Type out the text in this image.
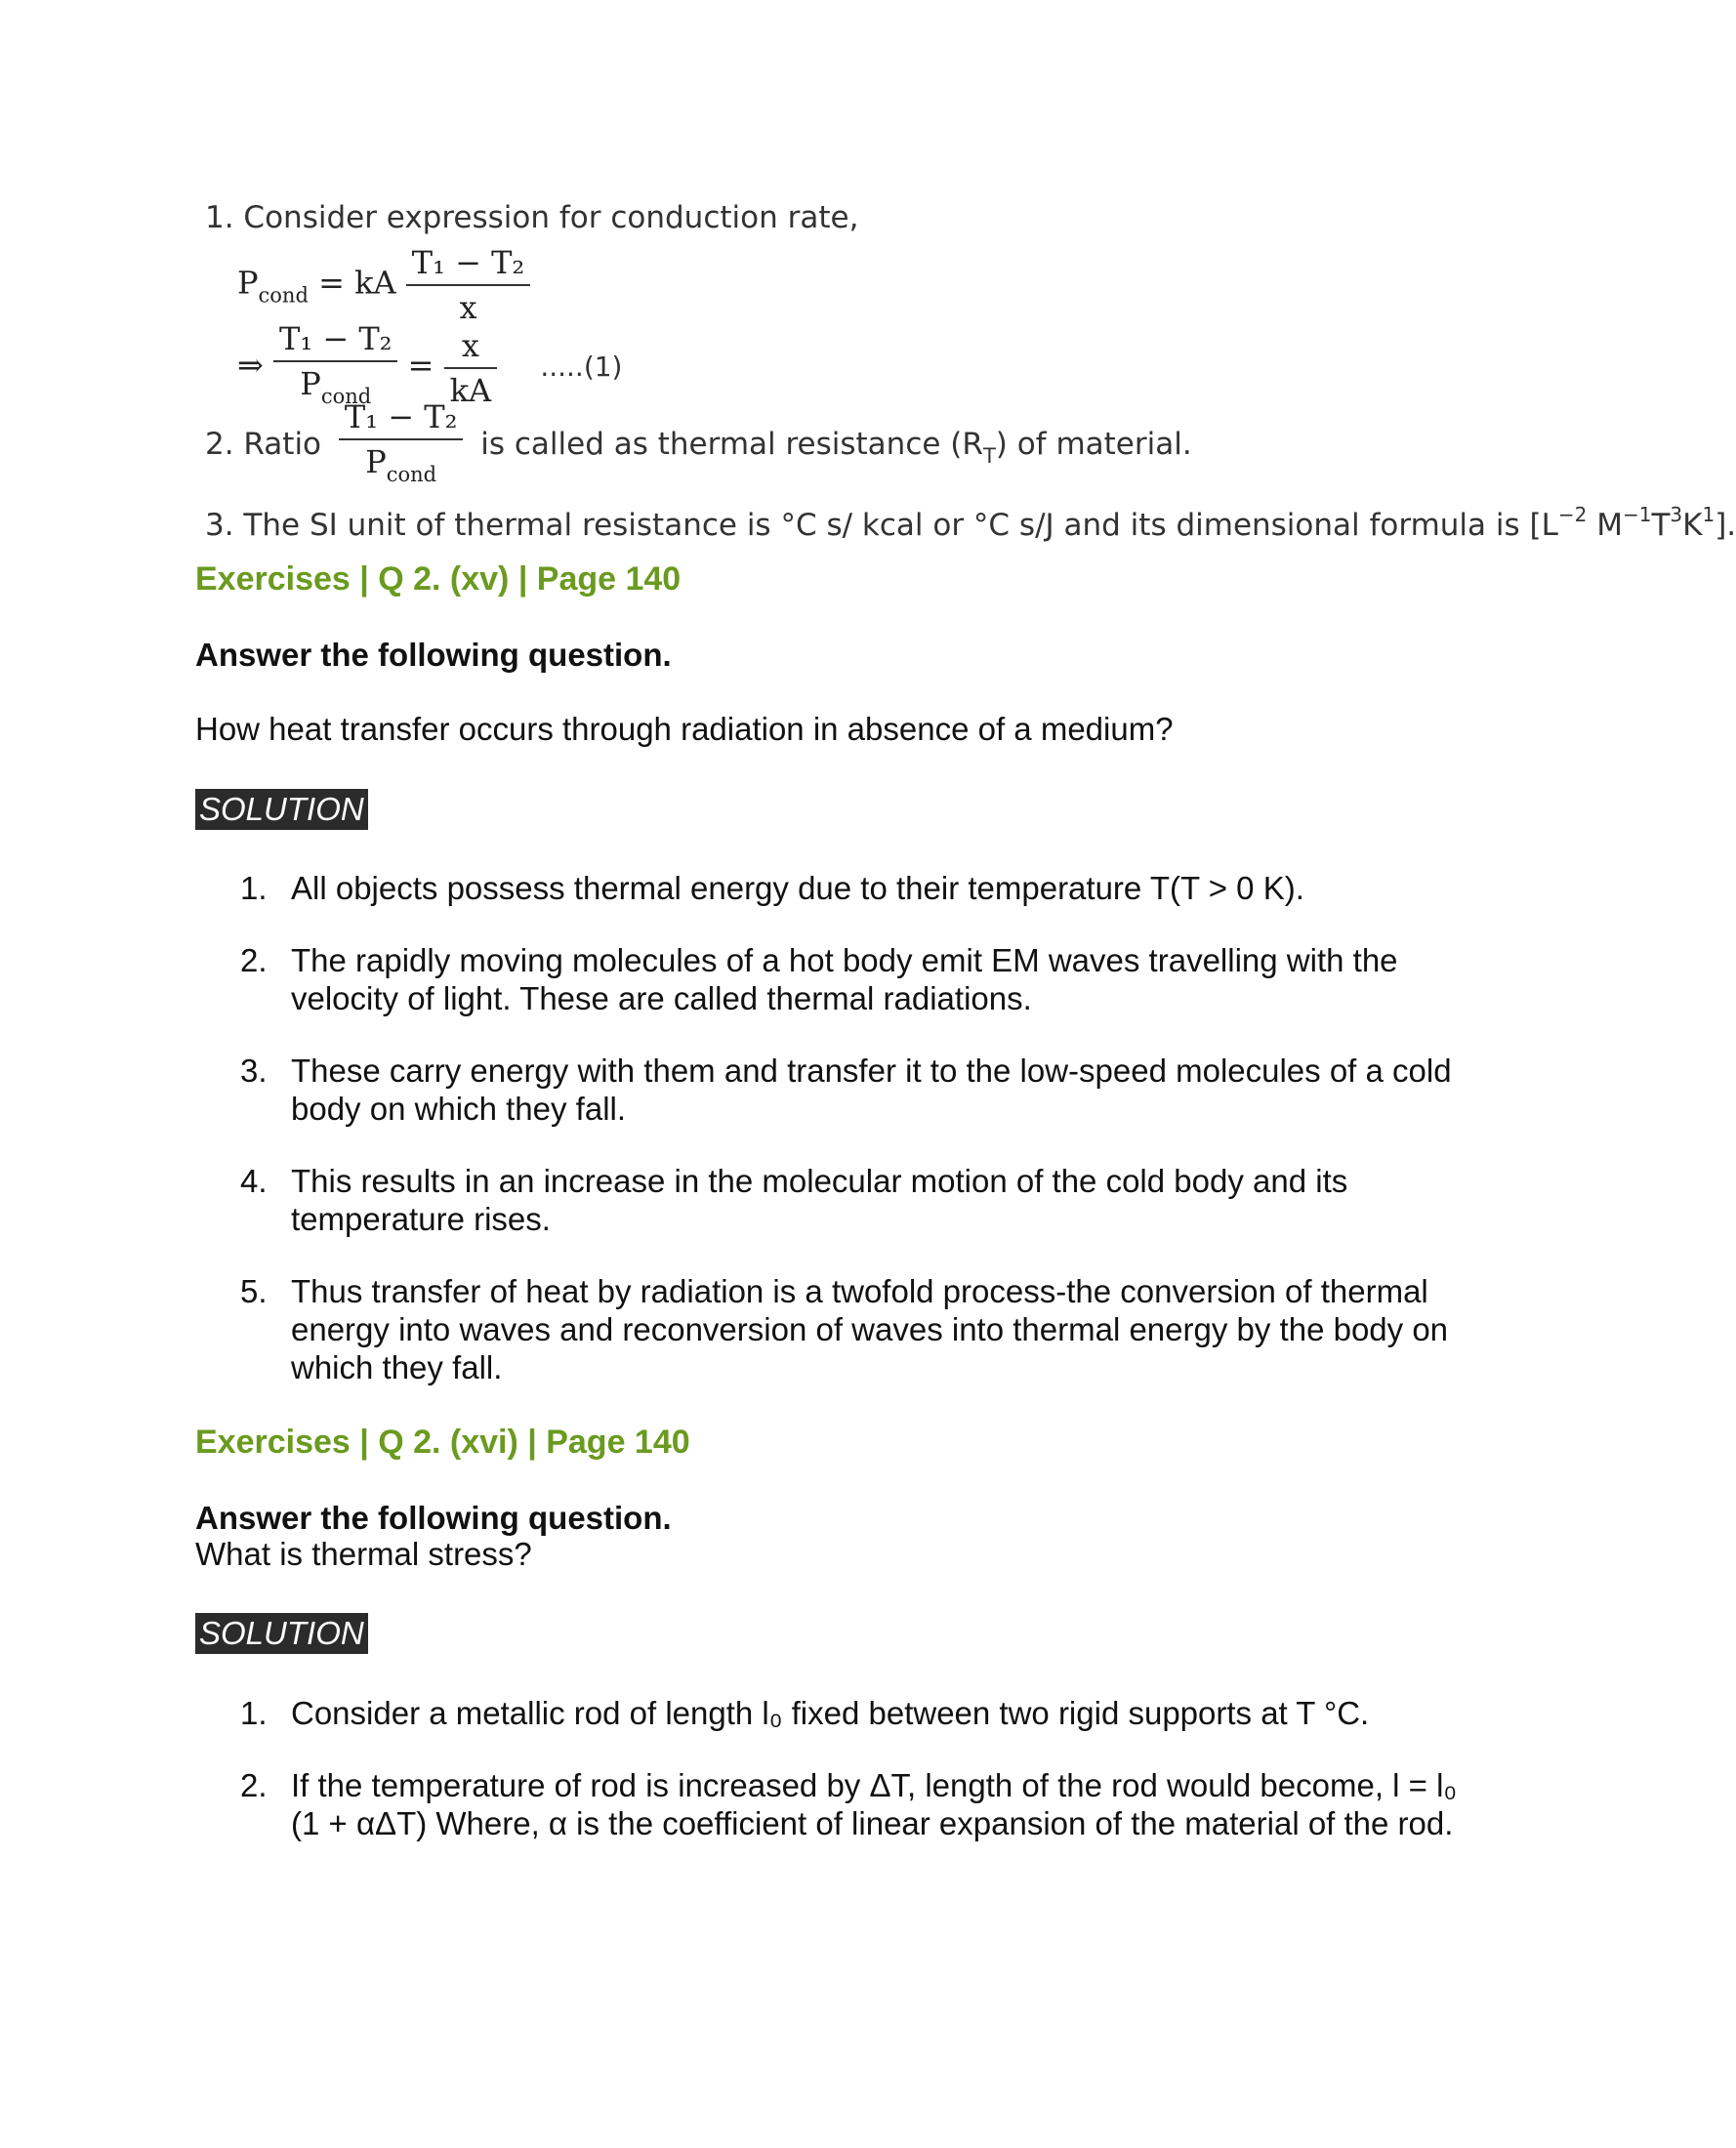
1. Consider expression for conduction rate,
$P_{cond}$ = kA $\frac{\text{T₁ − T₂}}{x}$
⇒ $\frac{\text{T₁ − T₂}}{P_{cond}} = \frac{x}{kA} .....(1)$
2. Ratio $\frac{\text{T₁ − T₂}}{P_{cond}}$ is called as thermal resistance $(R_T)$ of material.
3. The SI unit of thermal resistance is °C s/ kcal or °C s/J and its dimensional formula is [$L^{-2}$ $M^{-1}T^3K^1$].
Exercises | Q 2. (xv) | Page 140
Answer the following question.
How heat transfer occurs through radiation in absence of a medium?
SOLUTION
1. All objects possess thermal energy due to their temperature T(T > 0 K).
2. The rapidly moving molecules of a hot body emit EM waves travelling with the velocity of light. These are called thermal radiations.
3. These carry energy with them and transfer it to the low-speed molecules of a cold body on which they fall.
4. This results in an increase in the molecular motion of the cold body and its temperature rises.
5. Thus transfer of heat by radiation is a twofold process-the conversion of thermal energy into waves and reconversion of waves into thermal energy by the body on which they fall.
Exercises | Q 2. (xvi) | Page 140
Answer the following question.
What is thermal stress?
SOLUTION
1. Consider a metallic rod of length l₀ fixed between two rigid supports at T °C.
2. If the temperature of rod is increased by ΔT, length of the rod would become, l = l₀ (1 + αΔT) Where, α is the coefficient of linear expansion of the material of the rod.
